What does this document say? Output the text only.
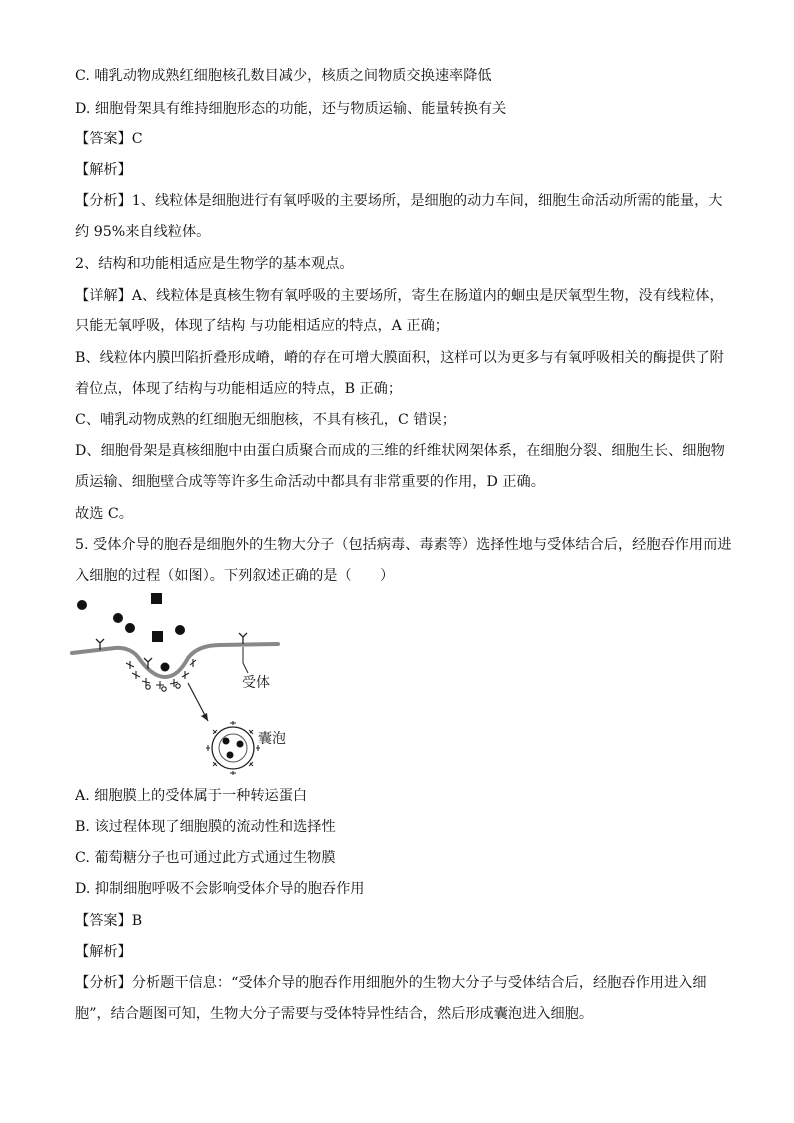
C. 哺乳动物成熟红细胞核孔数目减少，核质之间物质交换速率降低
D. 细胞骨架具有维持细胞形态的功能，还与物质运输、能量转换有关
【答案】C
【解析】
【分析】1、线粒体是细胞进行有氧呼吸的主要场所，是细胞的动力车间，细胞生命活动所需的能量，大
约 95%来自线粒体。
2、结构和功能相适应是生物学的基本观点。
【详解】A、线粒体是真核生物有氧呼吸的主要场所，寄生在肠道内的蛔虫是厌氧型生物，没有线粒体，
只能无氧呼吸，体现了结构 与功能相适应的特点，A 正确；
B、线粒体内膜凹陷折叠形成嵴，嵴的存在可增大膜面积，这样可以为更多与有氧呼吸相关的酶提供了附
着位点，体现了结构与功能相适应的特点，B 正确；
C、哺乳动物成熟的红细胞无细胞核，不具有核孔，C 错误；
D、细胞骨架是真核细胞中由蛋白质聚合而成的三维的纤维状网架体系，在细胞分裂、细胞生长、细胞物
质运输、细胞壁合成等等许多生命活动中都具有非常重要的作用，D 正确。
故选 C。
5. 受体介导的胞吞是细胞外的生物大分子（包括病毒、毒素等）选择性地与受体结合后，经胞吞作用而进
入细胞的过程（如图）。下列叙述正确的是（　　）
受体
囊泡
A. 细胞膜上的受体属于一种转运蛋白
B. 该过程体现了细胞膜的流动性和选择性
C. 葡萄糖分子也可通过此方式通过生物膜
D. 抑制细胞呼吸不会影响受体介导的胞吞作用
【答案】B
【解析】
【分析】分析题干信息：“受体介导的胞吞作用细胞外的生物大分子与受体结合后，经胞吞作用进入细
胞”，结合题图可知，生物大分子需要与受体特异性结合，然后形成囊泡进入细胞。
